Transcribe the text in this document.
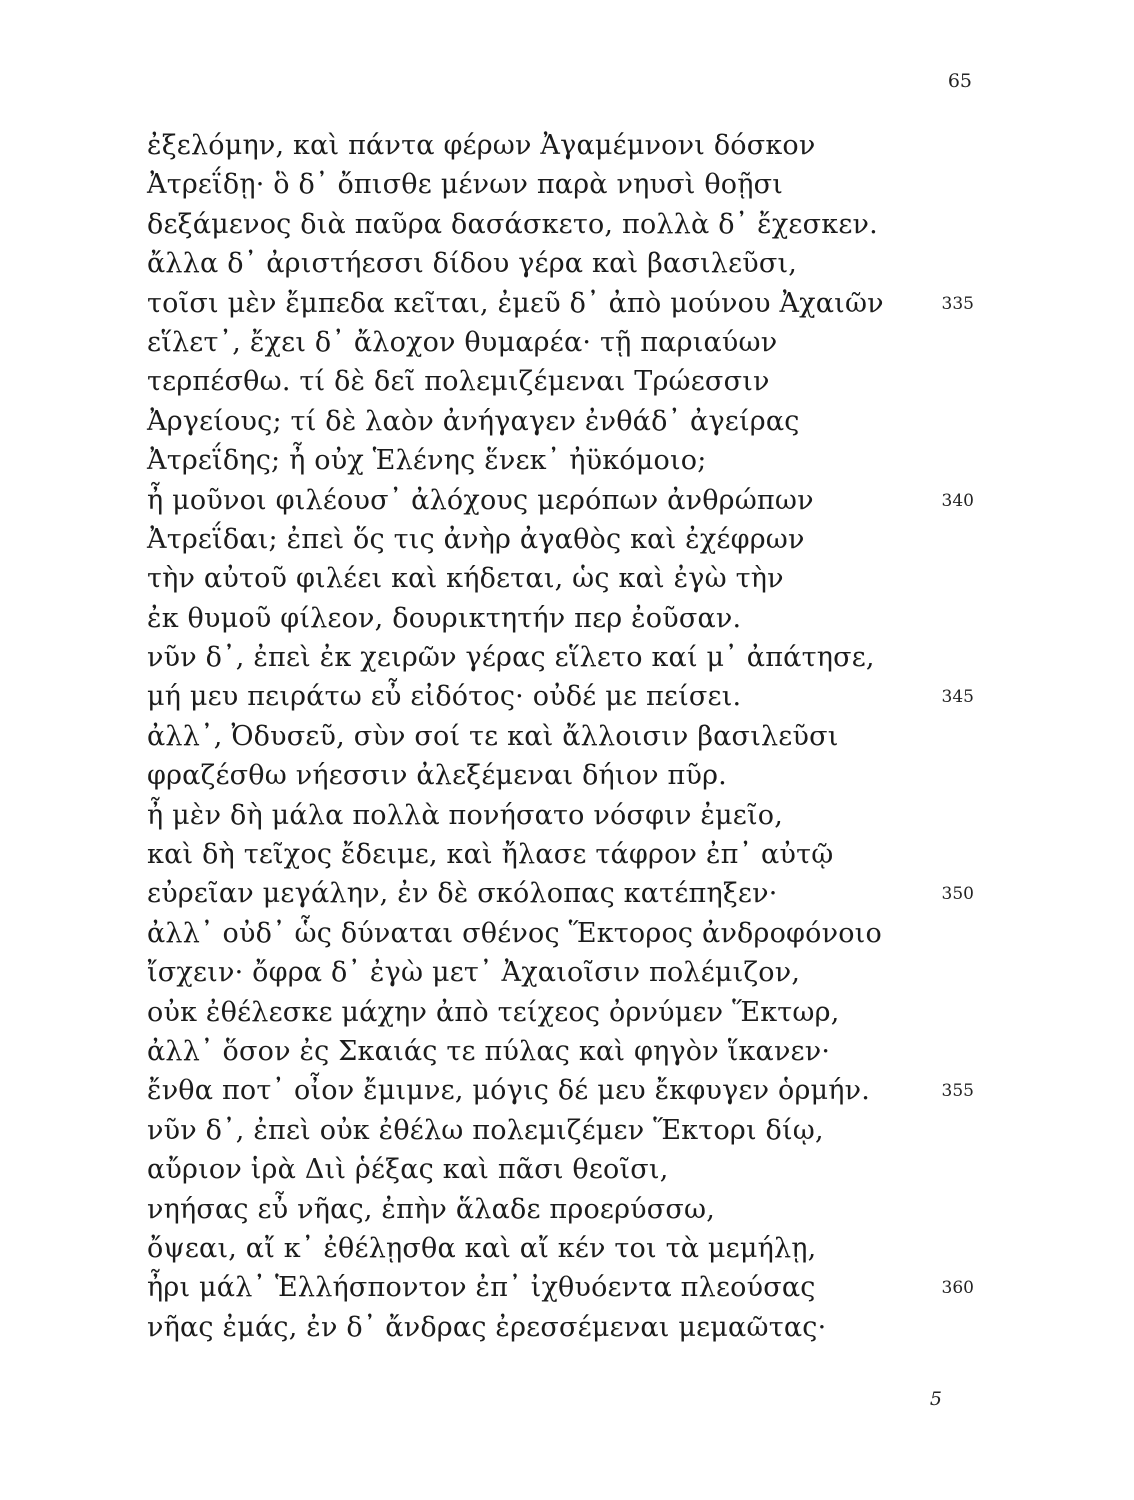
65
ἐξελόμην, καὶ πάντα φέρων Ἀγαμέμνονι δόσκον
Ἀτρεΐδῃ· ὃ δ᾽ ὄπισθε μένων παρὰ νηυσὶ θοῇσι
δεξάμενος διὰ παῦρα δασάσκετο, πολλὰ δ᾽ ἔχεσκεν.
ἄλλα δ᾽ ἀριστήεσσι δίδου γέρα καὶ βασιλεῦσι,
τοῖσι μὲν ἔμπεδα κεῖται, ἐμεῦ δ᾽ ἀπὸ μούνου Ἀχαιῶν	335
εἵλετ᾽, ἔχει δ᾽ ἄλοχον θυμαρέα· τῇ παριαύων
τερπέσθω. τί δὲ δεῖ πολεμιζέμεναι Τρώεσσιν
Ἀργείους; τί δὲ λαὸν ἀνήγαγεν ἐνθάδ᾽ ἀγείρας
Ἀτρεΐδης; ἦ οὐχ Ἑλένης ἕνεκ᾽ ἠϋκόμοιο;
ἦ μοῦνοι φιλέουσ᾽ ἀλόχους μερόπων ἀνθρώπων	340
Ἀτρεΐδαι; ἐπεὶ ὅς τις ἀνὴρ ἀγαθὸς καὶ ἐχέφρων
τὴν αὐτοῦ φιλέει καὶ κήδεται, ὡς καὶ ἐγὼ τὴν
ἐκ θυμοῦ φίλεον, δουρικτητήν περ ἐοῦσαν.
νῦν δ᾽, ἐπεὶ ἐκ χειρῶν γέρας εἵλετο καί μ᾽ ἀπάτησε,
μή μευ πειράτω εὖ εἰδότος· οὐδέ με πείσει.	345
ἀλλ᾽, Ὀδυσεῦ, σὺν σοί τε καὶ ἄλλοισιν βασιλεῦσι
φραζέσθω νήεσσιν ἀλεξέμεναι δήιον πῦρ.
ἦ μὲν δὴ μάλα πολλὰ πονήσατο νόσφιν ἐμεῖο,
καὶ δὴ τεῖχος ἔδειμε, καὶ ἤλασε τάφρον ἐπ᾽ αὐτῷ
εὐρεῖαν μεγάλην, ἐν δὲ σκόλοπας κατέπηξεν·	350
ἀλλ᾽ οὐδ᾽ ὧς δύναται σθένος Ἕκτορος ἀνδροφόνοιο
ἴσχειν· ὄφρα δ᾽ ἐγὼ μετ᾽ Ἀχαιοῖσιν πολέμιζον,
οὐκ ἐθέλεσκε μάχην ἀπὸ τείχεος ὀρνύμεν Ἕκτωρ,
ἀλλ᾽ ὅσον ἐς Σκαιάς τε πύλας καὶ φηγὸν ἵκανεν·
ἔνθα ποτ᾽ οἶον ἔμιμνε, μόγις δέ μευ ἔκφυγεν ὁρμήν.	355
νῦν δ᾽, ἐπεὶ οὐκ ἐθέλω πολεμιζέμεν Ἕκτορι δίῳ,
αὔριον ἱρὰ Διὶ ῥέξας καὶ πᾶσι θεοῖσι,
νηήσας εὖ νῆας, ἐπὴν ἅλαδε προερύσσω,
ὄψεαι, αἴ κ᾽ ἐθέλῃσθα καὶ αἴ κέν τοι τὰ μεμήλῃ,
ἦρι μάλ᾽ Ἑλλήσποντον ἐπ᾽ ἰχθυόεντα πλεούσας	360
νῆας ἐμάς, ἐν δ᾽ ἄνδρας ἐρεσσέμεναι μεμαῶτας·
5
